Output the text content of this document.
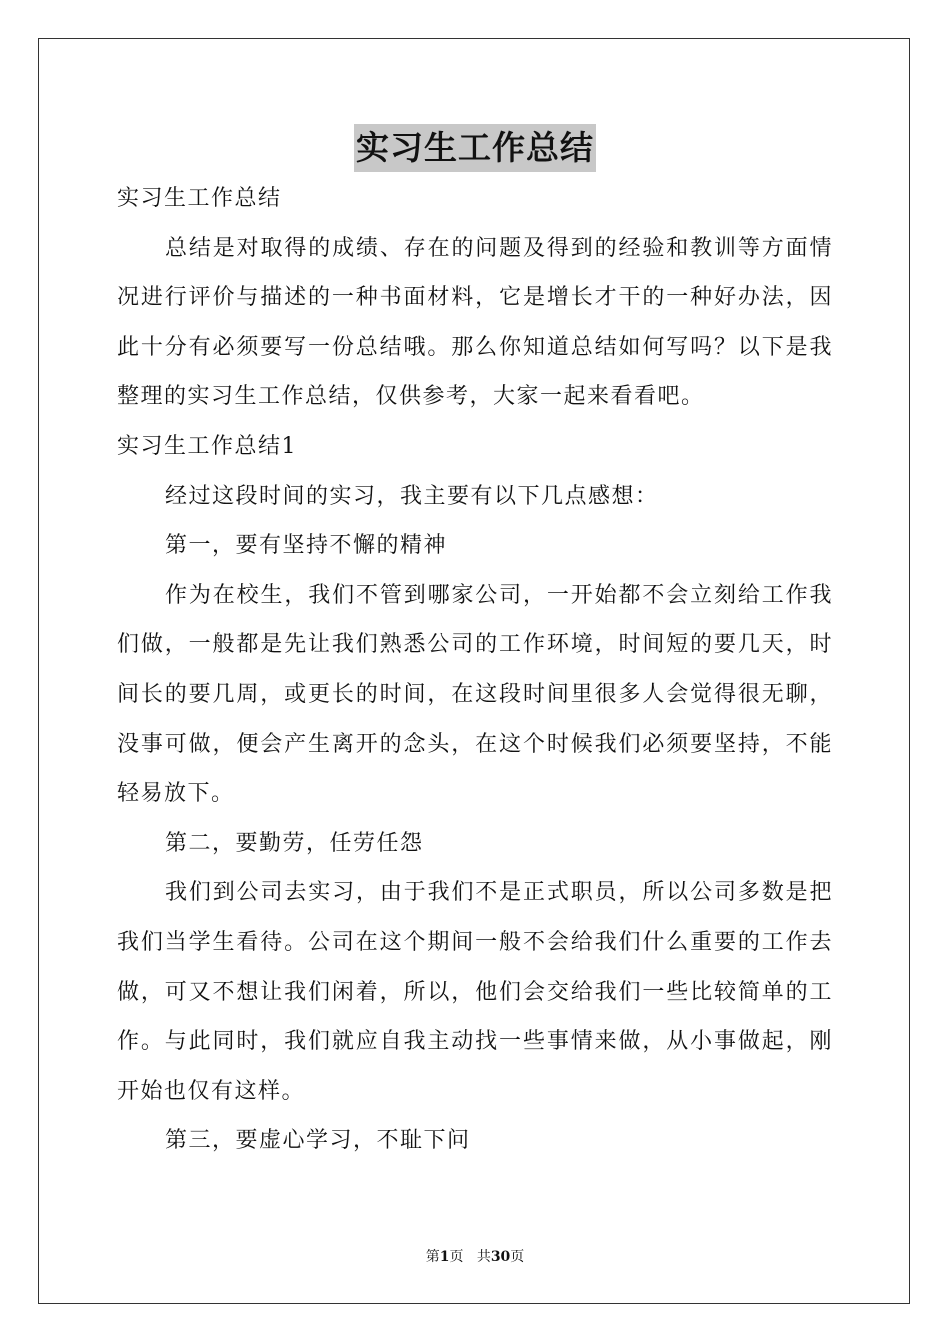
实习生工作总结
实习生工作总结
总结是对取得的成绩、存在的问题及得到的经验和教训等方面情
况进行评价与描述的一种书面材料，它是增长才干的一种好办法，因
此十分有必须要写一份总结哦。那么你知道总结如何写吗？以下是我
整理的实习生工作总结，仅供参考，大家一起来看看吧。
实习生工作总结1
经过这段时间的实习，我主要有以下几点感想：
第一，要有坚持不懈的精神
作为在校生，我们不管到哪家公司，一开始都不会立刻给工作我
们做，一般都是先让我们熟悉公司的工作环境，时间短的要几天，时
间长的要几周，或更长的时间，在这段时间里很多人会觉得很无聊，
没事可做，便会产生离开的念头，在这个时候我们必须要坚持，不能
轻易放下。
第二，要勤劳，任劳任怨
我们到公司去实习，由于我们不是正式职员，所以公司多数是把
我们当学生看待。公司在这个期间一般不会给我们什么重要的工作去
做，可又不想让我们闲着，所以，他们会交给我们一些比较简单的工
作。与此同时，我们就应自我主动找一些事情来做，从小事做起，刚
开始也仅有这样。
第三，要虚心学习，不耻下问
第1页 共30页
